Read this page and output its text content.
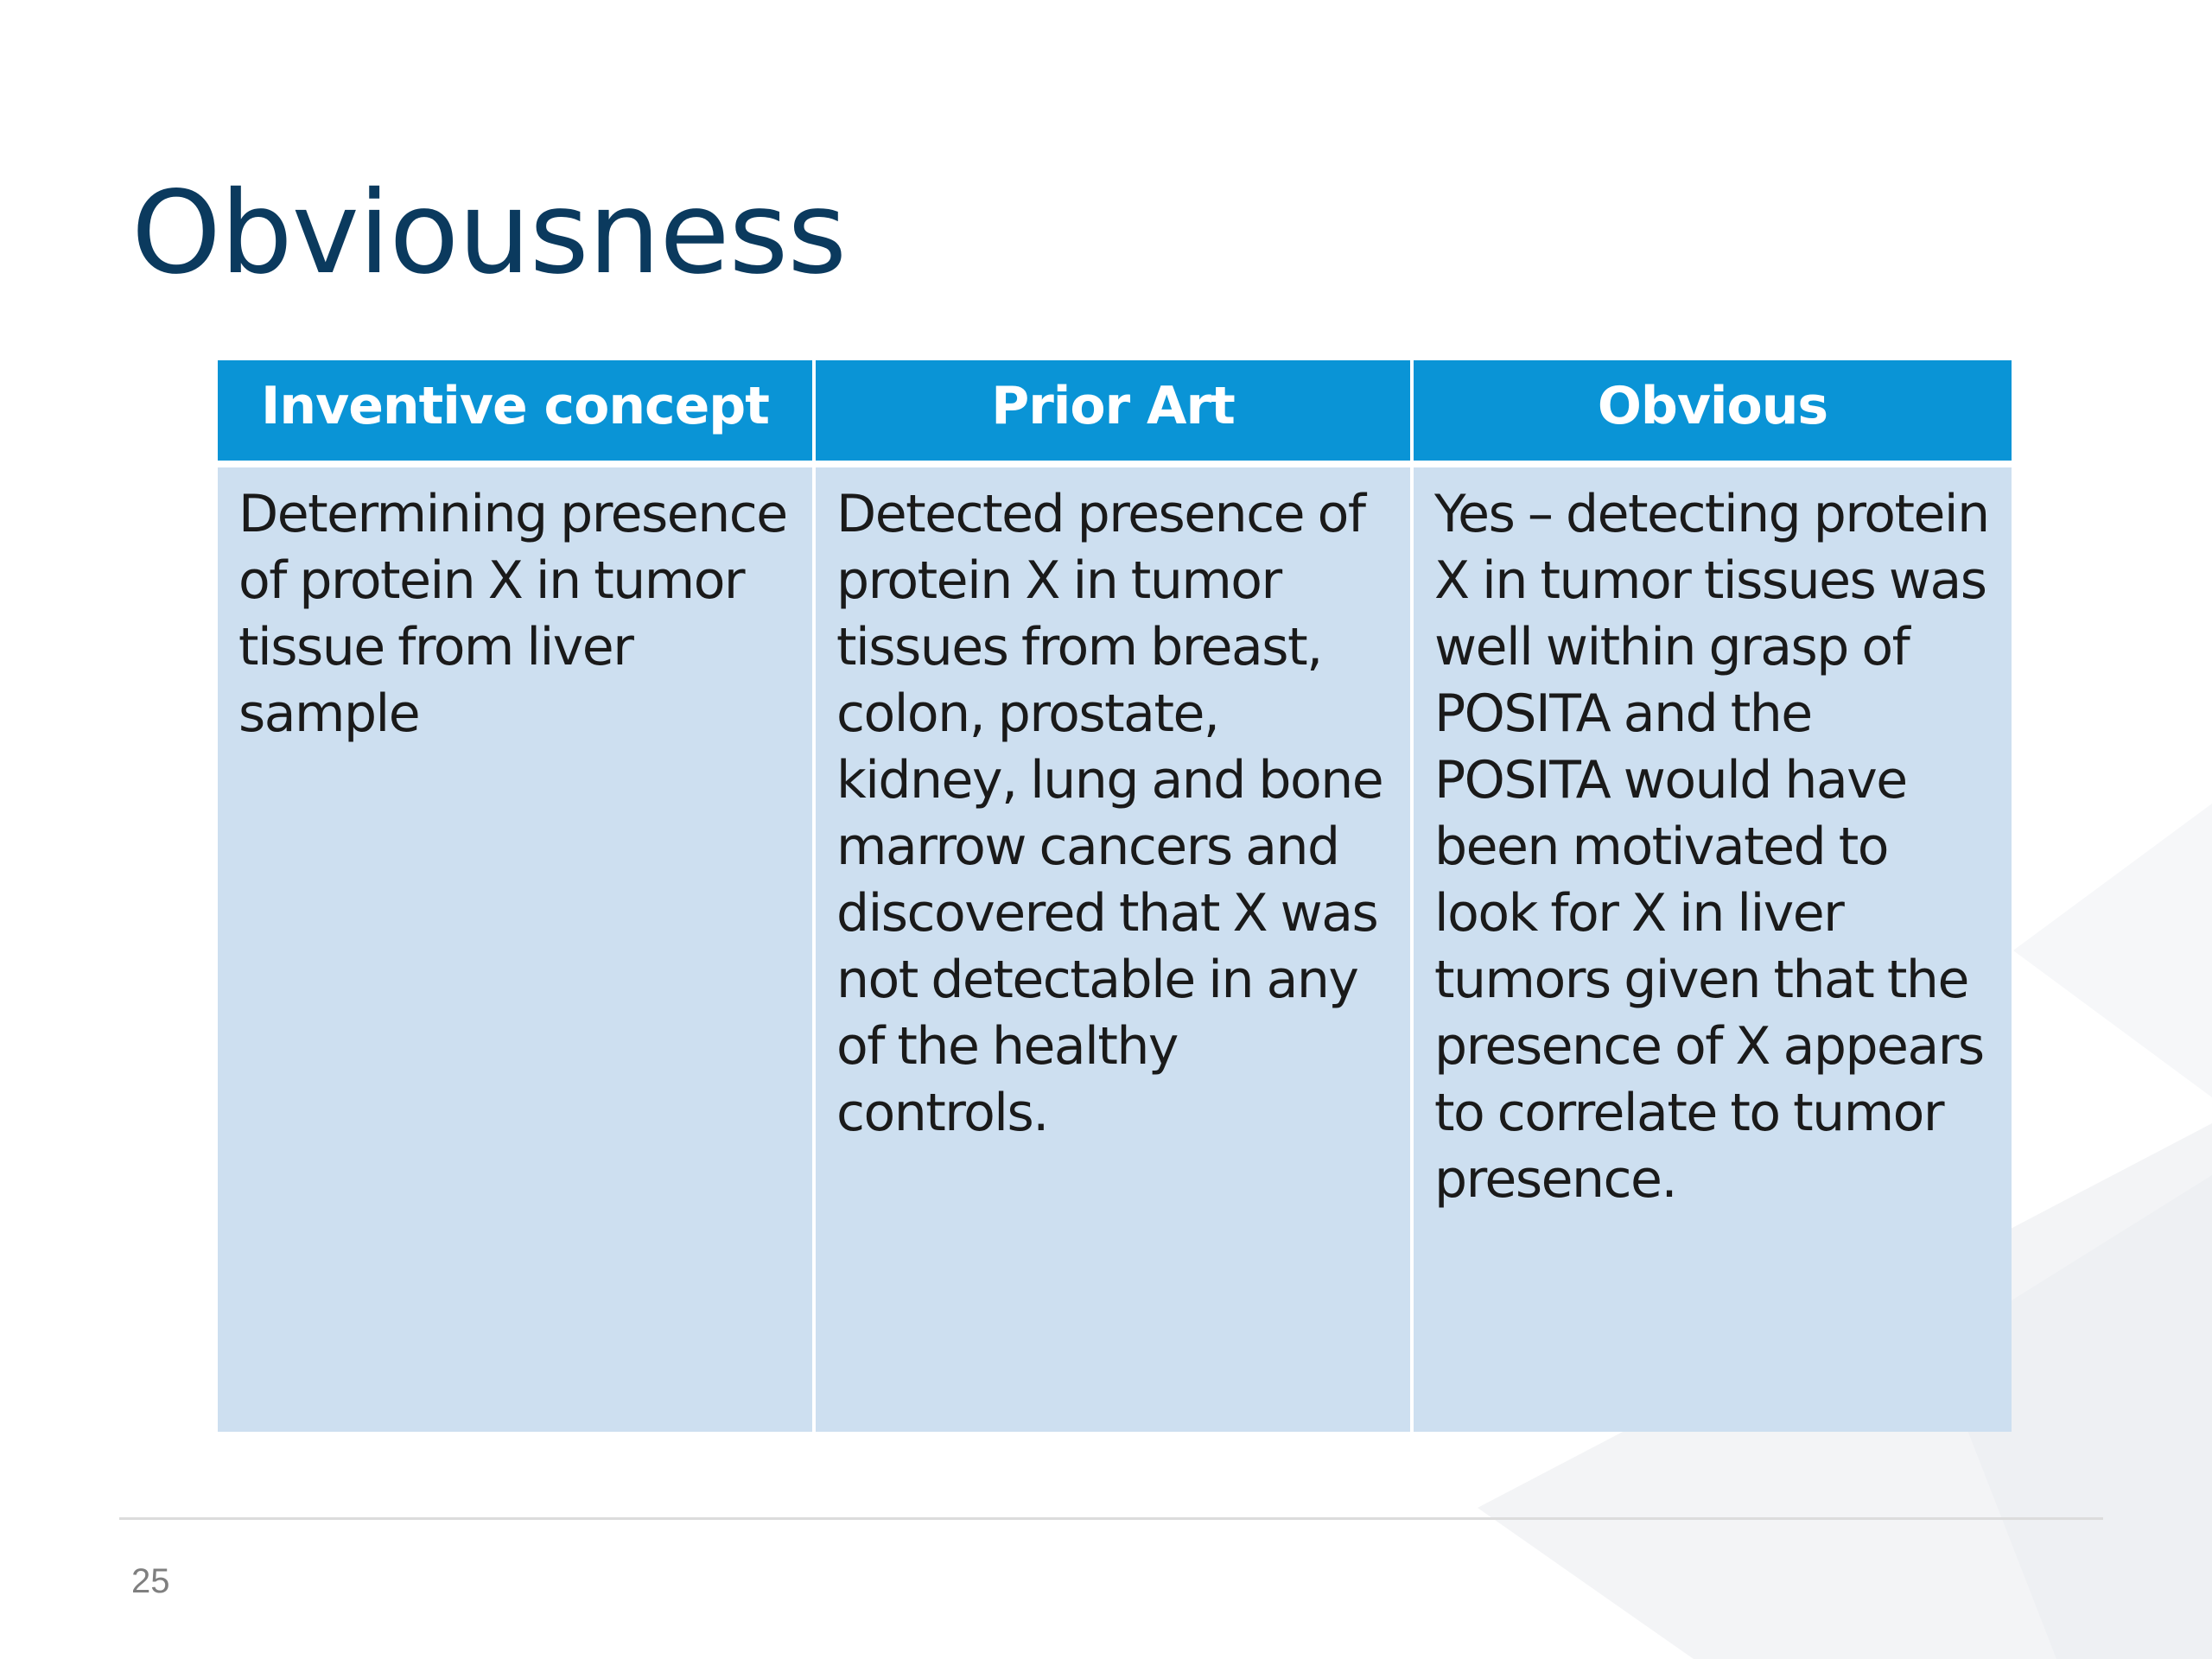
Obviousness
Inventive concept	Prior Art	Obvious
Determining presence of protein X in tumor tissue from liver sample	Detected presence of protein X in tumor tissues from breast, colon, prostate, kidney, lung and bone marrow cancers and discovered that X was not detectable in any of the healthy controls.	Yes – detecting protein X in tumor tissues was well within grasp of POSITA and the POSITA would have been motivated to look for X in liver tumors given that the presence of X appears to correlate to tumor presence.
25
